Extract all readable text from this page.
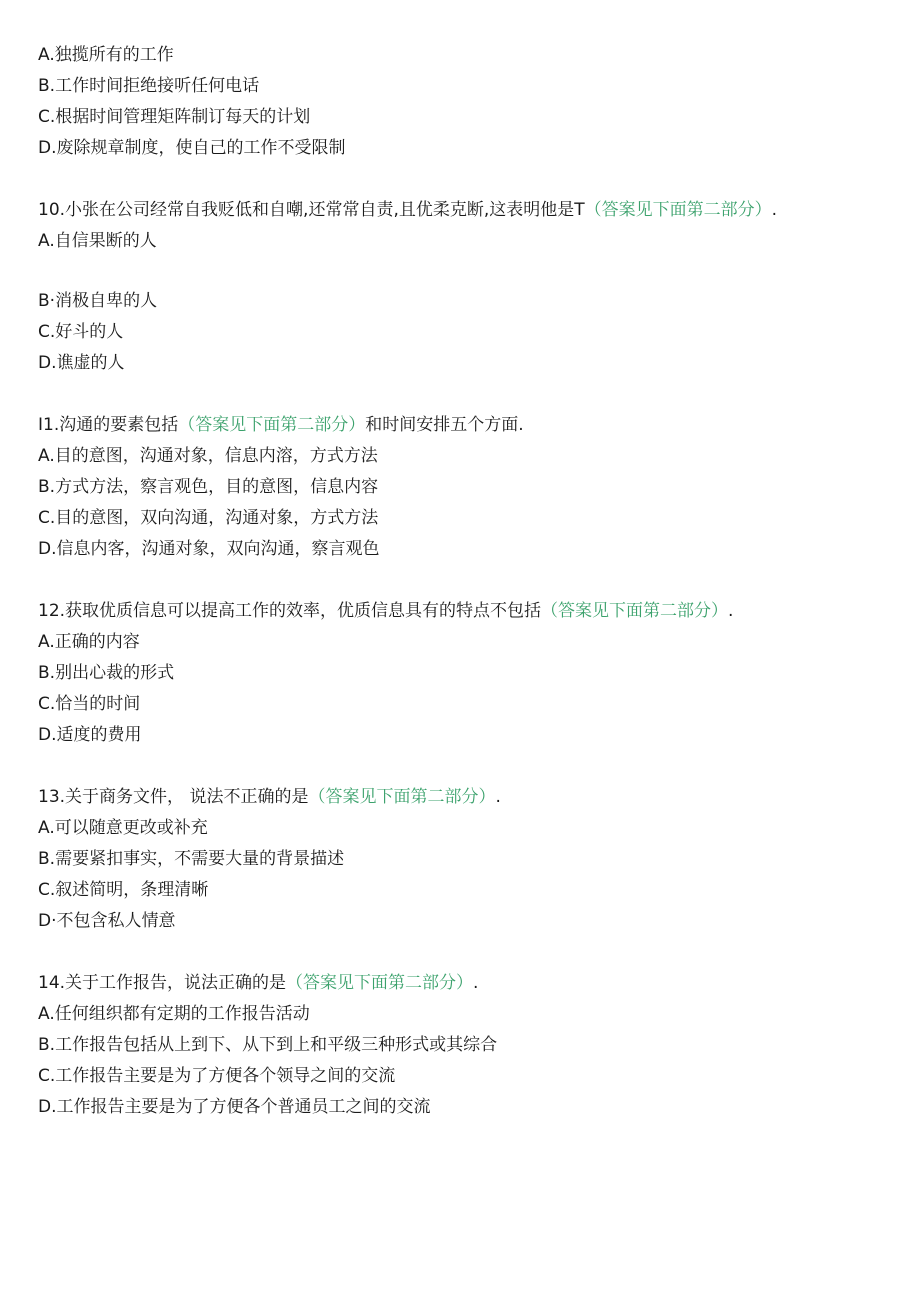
A.独揽所有的工作
B.工作时间拒绝接听任何电话
C.根据时间管理矩阵制订每天的计划
D.废除规章制度，使自己的工作不受限制
10.小张在公司经常自我贬低和自嘲,还常常自责,且优柔克断,这表明他是T（答案见下面第二部分）.
A.自信果断的人
B·消极自卑的人
C.好斗的人
D.谯虚的人
I1.沟通的要素包括（答案见下面第二部分）和时间安排五个方面.
A.目的意图，沟通对象，信息内溶，方式方法
B.方式方法，察言观色，目的意图，信息内容
C.目的意图，双向沟通，沟通对象，方式方法
D.信息内客，沟通对象，双向沟通，察言观色
12.获取优质信息可以提高工作的效率，优质信息具有的特点不包括（答案见下面第二部分）.
A.正确的内容
B.别出心裁的形式
C.恰当的时间
D.适度的费用
13.关于商务文件， 说法不正确的是（答案见下面第二部分）.
A.可以随意更改或补充
B.需要紧扣事实，不需要大量的背景描述
C.叙述简明，条理清晰
D·不包含私人情意
14.关于工作报告，说法正确的是（答案见下面第二部分）.
A.任何组织都有定期的工作报告活动
B.工作报告包括从上到下、从下到上和平级三种形式或其综合
C.工作报告主要是为了方便各个领导之间的交流
D.工作报告主要是为了方便各个普通员工之间的交流
